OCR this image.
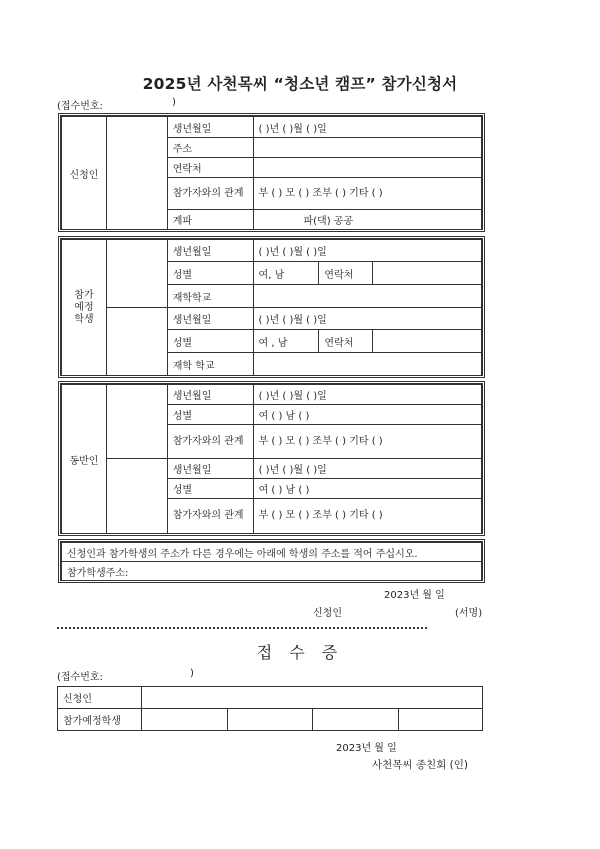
2025년 사천목씨 “청소년 캠프” 참가신청서
(접수번호:	)
신청인		생년월일	( )년 ( )월 ( )일
		주소	
		연락처	
		참가자와의 관계	부 ( ) 모 ( ) 조부 ( ) 기타 ( )
		계파	파(댁) 공공
참가 예정 학생		생년월일	( )년 ( )월 ( )일		
		성별	여, 남	연락처	
		재학학교			
		생년월일	( )년 ( )월 ( )일		
		성별	여 , 남	연락처	
		재학 학교			
동반인		생년월일	( )년 ( )월 ( )일
		성별	여 ( ) 남 ( )
		참가자와의 관계	부 ( ) 모 ( ) 조부 ( ) 기타 ( )
		생년월일	( )년 ( )월 ( )일
		성별	여 ( ) 남 ( )
		참가자와의 관계	부 ( ) 모 ( ) 조부 ( ) 기타 ( )
신청인과 참가학생의 주소가 다른 경우에는 아래에 학생의 주소를 적어 주십시오.
참가학생주소:
2023년 월 일
신청인	(서명)
접 수 증
(접수번호:	)
신청인				
참가예정학생				
2023년 월 일
사천목씨 종친회 (인)
